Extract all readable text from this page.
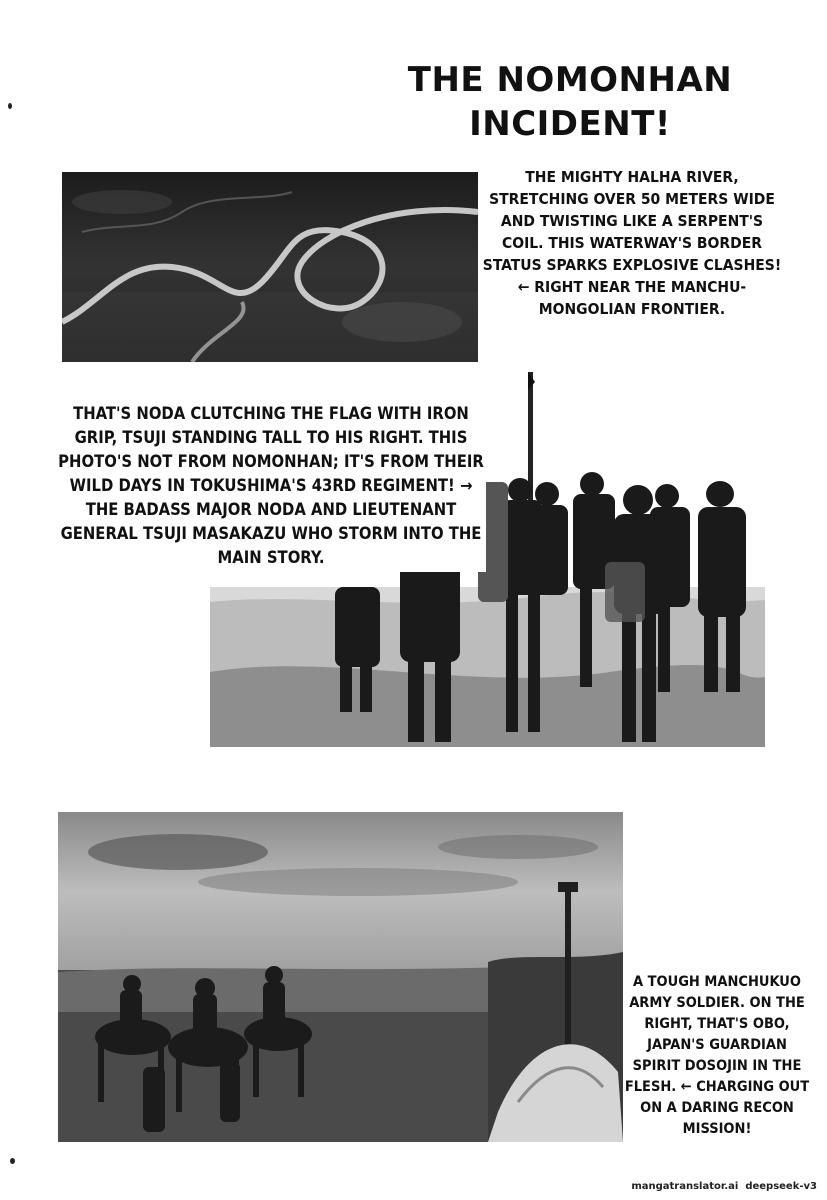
THE NOMONHAN
INCIDENT!
THE MIGHTY HALHA RIVER, STRETCHING OVER 50 METERS WIDE AND TWISTING LIKE A SERPENT'S COIL. THIS WATERWAY'S BORDER STATUS SPARKS EXPLOSIVE CLASHES! ← RIGHT NEAR THE MANCHU-MONGOLIAN FRONTIER.
THAT'S NODA CLUTCHING THE FLAG WITH IRON GRIP, TSUJI STANDING TALL TO HIS RIGHT. THIS PHOTO'S NOT FROM NOMONHAN; IT'S FROM THEIR WILD DAYS IN TOKUSHIMA'S 43RD REGIMENT! → THE BADASS MAJOR NODA AND LIEUTENANT GENERAL TSUJI MASAKAZU WHO STORM INTO THE MAIN STORY.
A TOUGH MANCHUKUO ARMY SOLDIER. ON THE RIGHT, THAT'S OBO, JAPAN'S GUARDIAN SPIRIT DOSOJIN IN THE FLESH. ← CHARGING OUT ON A DARING RECON MISSION!
mangatranslator.ai deepseek-v3
